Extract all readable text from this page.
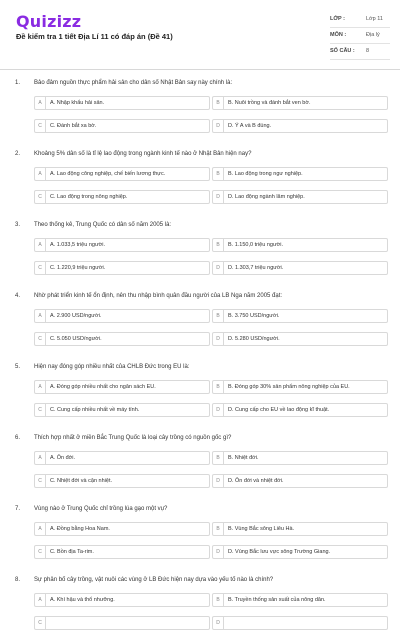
Quizizz
Đề kiểm tra 1 tiết Địa Lí 11 có đáp án (Đề 41)
LỚP :	Lớp 11
MÔN :	Địa lý
SỐ CÂU : 8
1. Bảo đảm nguồn thực phẩm hải sản cho dân số Nhật Bản say này chính là:
A	A. Nhập khẩu hải sản.	B	B. Nuôi trồng và đánh bắt ven bờ.
C	C. Đánh bắt xa bờ.	D	D. Ý A và B đúng.
2. Khoảng 5% dân số là tỉ lệ lao động trong ngành kinh tế nào ở Nhật Bản hiện nay?
A	A. Lao động công nghiệp, chế biến lương thực.	B	B. Lao động trong ngư nghiệp.
C	C. Lao động trong nông nghiệp.	D	D. Lao động ngành lâm nghiệp.
3. Theo thống kê, Trung Quốc có dân số năm 2005 là:
A	A. 1.033,5 triệu người.	B	B. 1.150,0 triệu người.
C	C. 1.220,9 triệu người.	D	D. 1.303,7 triệu người.
4. Nhờ phát triển kinh tế ổn định, nên thu nhập bình quân đầu người của LB Nga năm 2005 đạt:
A	A. 2.900 USD/người.	B	B. 3.750 USD/người.
C	C. 5.050 USD/người.	D	D. 5.280 USD/người.
5. Hiện nay đóng góp nhiều nhất của CHLB Đức trong EU là:
A	A. Đóng góp nhiều nhất cho ngân sách EU.	B	B. Đóng góp 30% sản phẩm nông nghiệp của EU.
C	C. Cung cấp nhiều nhất về máy tính.	D	D. Cung cấp cho EU về lao động kĩ thuật.
6. Thích hợp nhất ở miền Bắc Trung Quốc là loại cây trồng có nguồn gốc gì?
A	A. Ôn đới.	B	B. Nhiệt đới.
C	C. Nhiệt đới và cận nhiệt.	D	D. Ôn đới và nhiệt đới.
7. Vùng nào ở Trung Quốc chỉ trồng lúa gạo một vụ?
A	A. Đồng bằng Hoa Nam.	B	B. Vùng Bắc sông Liêu Hà.
C	C. Bồn địa Ta-rim.	D	D. Vùng Bắc lưu vực sông Trường Giang.
8. Sự phân bố cây trồng, vật nuôi các vùng ở LB Đức hiện nay dựa vào yếu tố nào là chính?
A	A. Khí hậu và thổ nhưỡng.	B	B. Truyền thống sản xuất của nông dân.
C	D
